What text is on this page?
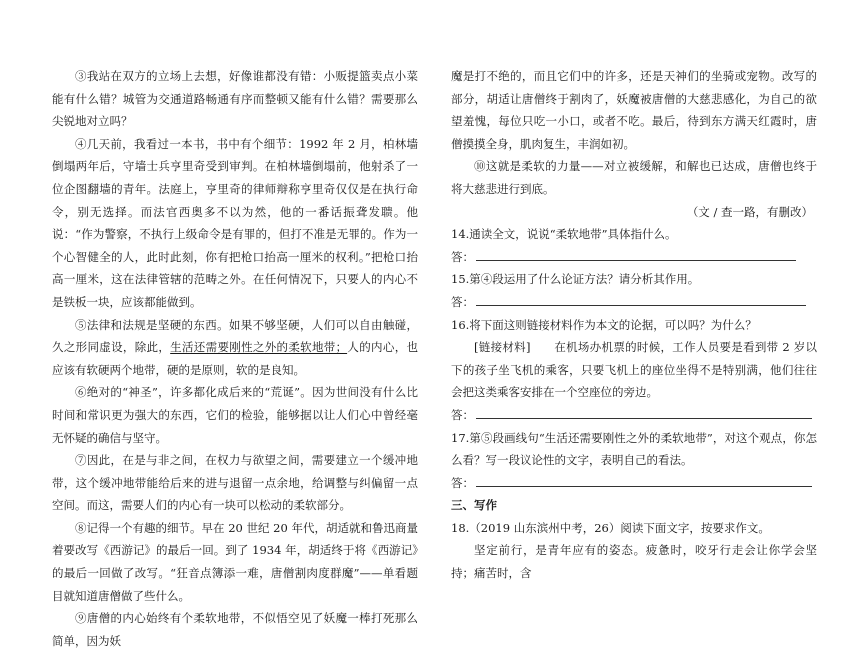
③我站在双方的立场上去想，好像谁都没有错：小贩提篮卖点小菜能有什么错？城管为交通道路畅通有序而整顿又能有什么错？需要那么尖锐地对立吗？

④几天前，我看过一本书，书中有个细节：1992 年 2 月，柏林墙倒塌两年后，守墙士兵亨里奇受到审判。在柏林墙倒塌前，他射杀了一位企图翻墙的青年。法庭上，亨里奇的律师辩称亨里奇仅仅是在执行命令，别无选择。而法官西奥多不以为然，他的一番话振聋发聩。他说：“作为警察，不执行上级命令是有罪的，但打不准是无罪的。作为一个心智健全的人，此时此刻，你有把枪口抬高一厘米的权利。”把枪口抬高一厘米，这在法律管辖的范畴之外。在任何情况下，只要人的内心不是铁板一块，应该都能做到。

⑤法律和法规是坚硬的东西。如果不够坚硬，人们可以自由触碰，久之形同虚设，除此，生活还需要刚性之外的柔软地带；人的内心，也应该有软硬两个地带，硬的是原则，软的是良知。

⑥绝对的“神圣”，许多都化成后来的“荒诞”。因为世间没有什么比时间和常识更为强大的东西，它们的检验，能够据以让人们心中曾经毫无怀疑的确信与坚守。

⑦因此，在是与非之间，在权力与欲望之间，需要建立一个缓冲地带，这个缓冲地带能给后来的进与退留一点余地，给调整与纠偏留一点空间。而这，需要人们的内心有一块可以松动的柔软部分。

⑧记得一个有趣的细节。早在 20 世纪 20 年代，胡适就和鲁迅商量着要改写《西游记》的最后一回。到了 1934 年，胡适终于将《西游记》的最后一回做了改写。“狂音点簿添一难，唐僧割肉度群魔”——单看题目就知道唐僧做了些什么。

⑨唐僧的内心始终有个柔软地带，不似悟空见了妖魔一棒打死那么简单，因为妖

魔是打不绝的，而且它们中的许多，还是天神们的坐骑或宠物。改写的部分，胡适让唐僧终于割肉了，妖魔被唐僧的大慈悲感化，为自己的欲望羞愧，每位只吃一小口，或者不吃。最后，待到东方满天红霞时，唐僧摸摸全身，肌肉复生，丰润如初。

⑩这就是柔软的力量——对立被缓解，和解也已达成，唐僧也终于将大慈悲进行到底。

（文 / 查一路，有删改）

14.通读全文，说说“柔软地带”具体指什么。

答：

15.第④段运用了什么论证方法？请分析其作用。

答：

16.将下面这则链接材料作为本文的论据，可以吗？为什么？

[链接材料]　　在机场办机票的时候，工作人员要是看到带 2 岁以下的孩子坐飞机的乘客，只要飞机上的座位坐得不是特别满，他们往往会把这类乘客安排在一个空座位的旁边。

答：

17.第⑤段画线句“生活还需要刚性之外的柔软地带”，对这个观点，你怎么看？写一段议论性的文字，表明自己的看法。

答：

三、写作

18.（2019 山东滨州中考，26）阅读下面文字，按要求作文。

坚定前行，是青年应有的姿态。疲惫时，咬牙行走会让你学会坚持；痛苦时，含
